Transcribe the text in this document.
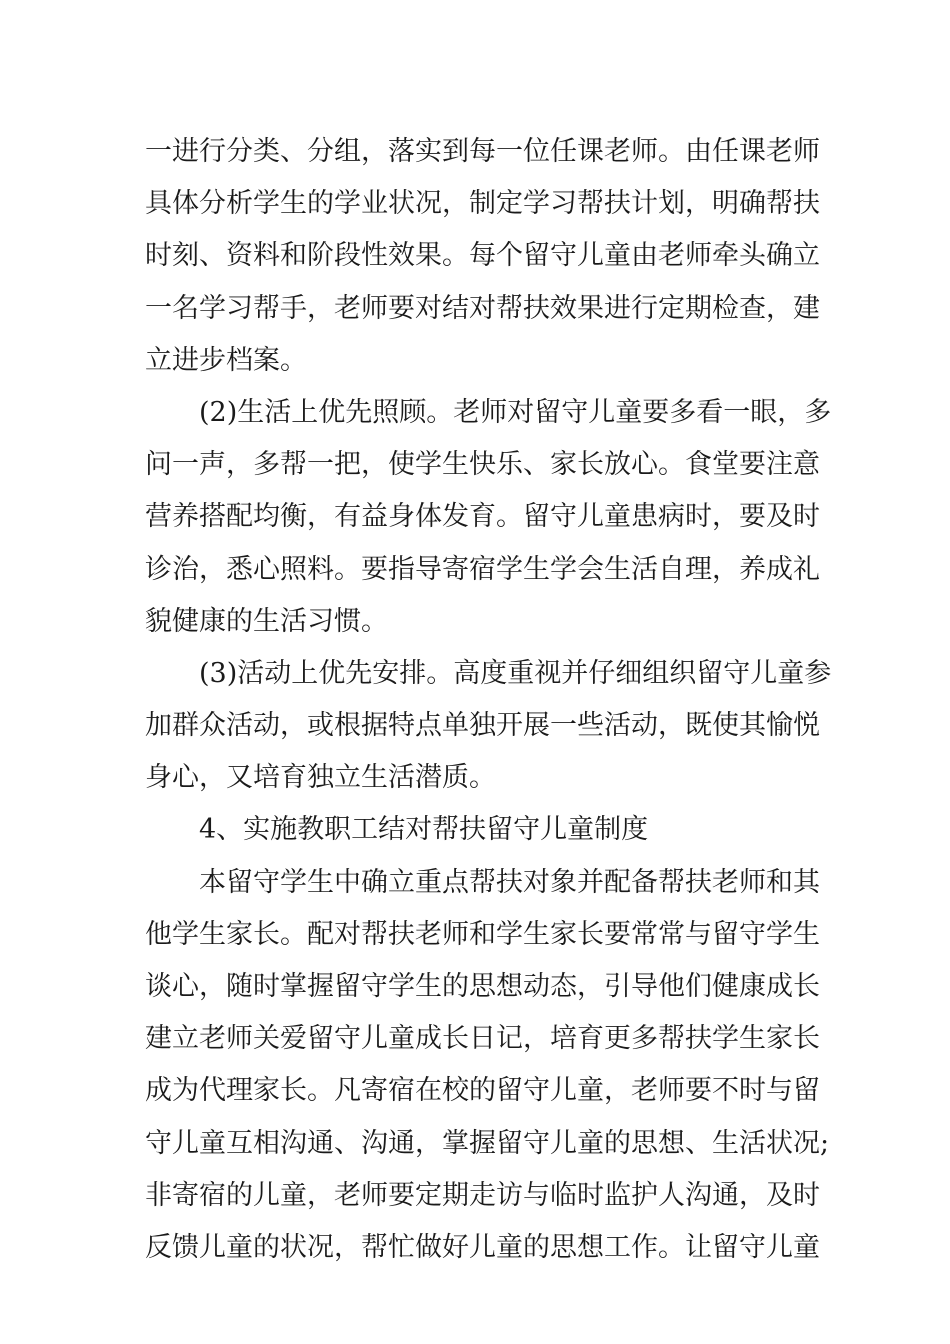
一 进 行 分 类 、 分 组 ， 落 实 到 每 一 位 任 课 老 师 。 由 任 课 老 师
具 体 分 析 学 生 的 学 业 状 况 ， 制 定 学 习 帮 扶 计 划 ， 明 确 帮 扶
时 刻 、 资 料 和 阶 段 性 效 果 。 每 个 留 守 儿 童 由 老 师 牵 头 确 立
一 名 学 习 帮 手 ， 老 师 要 对 结 对 帮 扶 效 果 进 行 定 期 检 查 ， 建
立进步档案。
( 2 ) 生 活 上 优 先 照 顾 。 老 师 对 留 守 儿 童 要 多 看 一 眼 ， 多
问 一 声 ， 多 帮 一 把 ， 使 学 生 快 乐 、 家 长 放 心 。 食 堂 要 注 意
营 养 搭 配 均 衡 ， 有 益 身 体 发 育 。 留 守 儿 童 患 病 时 ， 要 及 时
诊 治 ， 悉 心 照 料 。 要 指 导 寄 宿 学 生 学 会 生 活 自 理 ， 养 成 礼
貌健康的生活习惯。
( 3 ) 活 动 上 优 先 安 排 。 高 度 重 视 并 仔 细 组 织 留 守 儿 童 参
加 群 众 活 动 ， 或 根 据 特 点 单 独 开 展 一 些 活 动 ， 既 使 其 愉 悦
身心，又培育独立生活潜质。
4、实施教职工结对帮扶留守儿童制度
本 留 守 学 生 中 确 立 重 点 帮 扶 对 象 并 配 备 帮 扶 老 师 和 其
他 学 生 家 长 。 配 对 帮 扶 老 师 和 学 生 家 长 要 常 常 与 留 守 学 生
谈 心 ， 随 时 掌 握 留 守 学 生 的 思 想 动 态 ， 引 导 他 们 健 康 成 长
建 立 老 师 关 爱 留 守 儿 童 成 长 日 记 ， 培 育 更 多 帮 扶 学 生 家 长
成 为 代 理 家 长 。 凡 寄 宿 在 校 的 留 守 儿 童 ， 老 师 要 不 时 与 留
守 儿 童 互 相 沟 通 、 沟 通 ， 掌 握 留 守 儿 童 的 思 想 、 生 活 状 况 ;
非 寄 宿 的 儿 童 ， 老 师 要 定 期 走 访 与 临 时 监 护 人 沟 通 ， 及 时
反 馈 儿 童 的 状 况 ， 帮 忙 做 好 儿 童 的 思 想 工 作 。 让 留 守 儿 童
